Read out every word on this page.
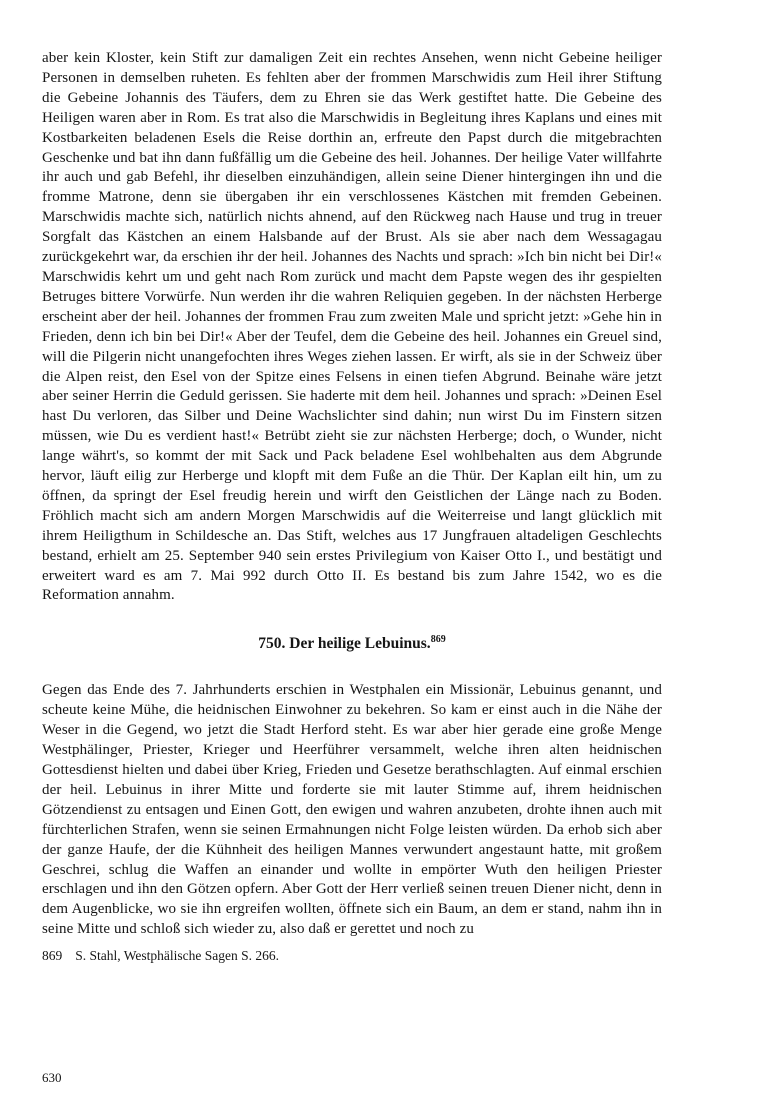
aber kein Kloster, kein Stift zur damaligen Zeit ein rechtes Ansehen, wenn nicht Gebeine heiliger Personen in demselben ruheten. Es fehlten aber der frommen Marschwidis zum Heil ihrer Stiftung die Gebeine Johannis des Täufers, dem zu Ehren sie das Werk gestiftet hatte. Die Gebeine des Heiligen waren aber in Rom. Es trat also die Marschwidis in Begleitung ihres Kaplans und eines mit Kostbarkeiten beladenen Esels die Reise dorthin an, erfreute den Papst durch die mitgebrachten Geschenke und bat ihn dann fußfällig um die Gebeine des heil. Johannes. Der heilige Vater willfahrte ihr auch und gab Befehl, ihr dieselben einzuhändigen, allein seine Diener hintergingen ihn und die fromme Matrone, denn sie übergaben ihr ein verschlossenes Kästchen mit fremden Gebeinen. Marschwidis machte sich, natürlich nichts ahnend, auf den Rückweg nach Hause und trug in treuer Sorgfalt das Kästchen an einem Halsbande auf der Brust. Als sie aber nach dem Wessagagau zurückgekehrt war, da erschien ihr der heil. Johannes des Nachts und sprach: »Ich bin nicht bei Dir!« Marschwidis kehrt um und geht nach Rom zurück und macht dem Papste wegen des ihr gespielten Betruges bittere Vorwürfe. Nun werden ihr die wahren Reliquien gegeben. In der nächsten Herberge erscheint aber der heil. Johannes der frommen Frau zum zweiten Male und spricht jetzt: »Gehe hin in Frieden, denn ich bin bei Dir!« Aber der Teufel, dem die Gebeine des heil. Johannes ein Greuel sind, will die Pilgerin nicht unangefochten ihres Weges ziehen lassen. Er wirft, als sie in der Schweiz über die Alpen reist, den Esel von der Spitze eines Felsens in einen tiefen Abgrund. Beinahe wäre jetzt aber seiner Herrin die Geduld gerissen. Sie haderte mit dem heil. Johannes und sprach: »Deinen Esel hast Du verloren, das Silber und Deine Wachslichter sind dahin; nun wirst Du im Finstern sitzen müssen, wie Du es verdient hast!« Betrübt zieht sie zur nächsten Herberge; doch, o Wunder, nicht lange währt's, so kommt der mit Sack und Pack beladene Esel wohlbehalten aus dem Abgrunde hervor, läuft eilig zur Herberge und klopft mit dem Fuße an die Thür. Der Kaplan eilt hin, um zu öffnen, da springt der Esel freudig herein und wirft den Geistlichen der Länge nach zu Boden. Fröhlich macht sich am andern Morgen Marschwidis auf die Weiterreise und langt glücklich mit ihrem Heiligthum in Schildesche an. Das Stift, welches aus 17 Jungfrauen altadeligen Geschlechts bestand, erhielt am 25. September 940 sein erstes Privilegium von Kaiser Otto I., und bestätigt und erweitert ward es am 7. Mai 992 durch Otto II. Es bestand bis zum Jahre 1542, wo es die Reformation annahm.

750. Der heilige Lebuinus.$^{869}$

Gegen das Ende des 7. Jahrhunderts erschien in Westphalen ein Missionär, Lebuinus genannt, und scheute keine Mühe, die heidnischen Einwohner zu bekehren. So kam er einst auch in die Nähe der Weser in die Gegend, wo jetzt die Stadt Herford steht. Es war aber hier gerade eine große Menge Westphälinger, Priester, Krieger und Heerführer versammelt, welche ihren alten heidnischen Gottesdienst hielten und dabei über Krieg, Frieden und Gesetze berathschlagten. Auf einmal erschien der heil. Lebuinus in ihrer Mitte und forderte sie mit lauter Stimme auf, ihrem heidnischen Götzendienst zu entsagen und Einen Gott, den ewigen und wahren anzubeten, drohte ihnen auch mit fürchterlichen Strafen, wenn sie seinen Ermahnungen nicht Folge leisten würden. Da erhob sich aber der ganze Haufe, der die Kühnheit des heiligen Mannes verwundert angestaunt hatte, mit großem Geschrei, schlug die Waffen an einander und wollte in empörter Wuth den heiligen Priester erschlagen und ihn den Götzen opfern. Aber Gott der Herr verließ seinen treuen Diener nicht, denn in dem Augenblicke, wo sie ihn ergreifen wollten, öffnete sich ein Baum, an dem er stand, nahm ihn in seine Mitte und schloß sich wieder zu, also daß er gerettet und noch zu

869 S. Stahl, Westphälische Sagen S. 266.
630
